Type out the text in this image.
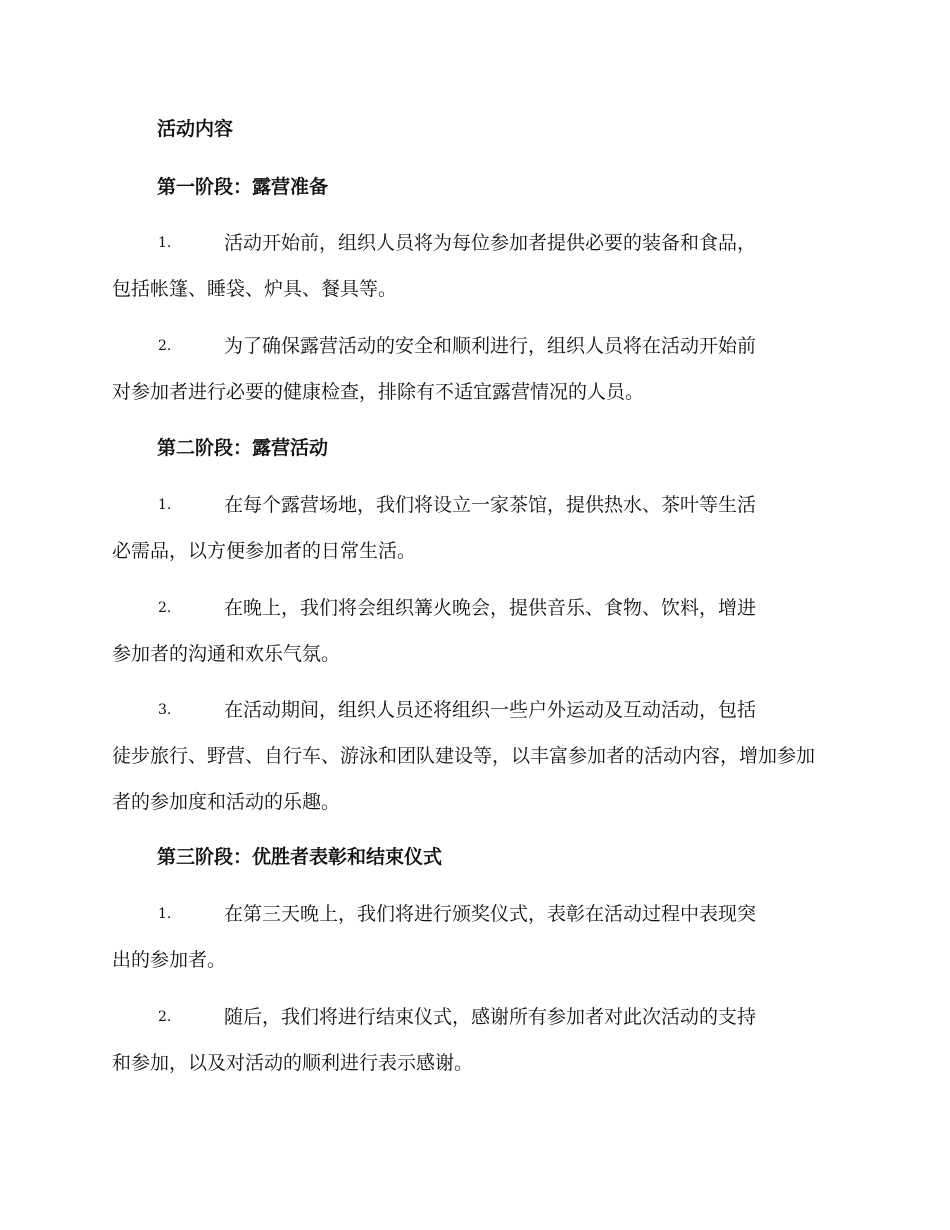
活动内容
第一阶段：露营准备
1.	活动开始前，组织人员将为每位参加者提供必要的装备和食品，
包括帐篷、睡袋、炉具、餐具等。
2.	为了确保露营活动的安全和顺利进行，组织人员将在活动开始前
对参加者进行必要的健康检查，排除有不适宜露营情况的人员。
第二阶段：露营活动
1.	在每个露营场地，我们将设立一家茶馆，提供热水、茶叶等生活
必需品，以方便参加者的日常生活。
2.	在晚上，我们将会组织篝火晚会，提供音乐、食物、饮料，增进
参加者的沟通和欢乐气氛。
3.	在活动期间，组织人员还将组织一些户外运动及互动活动，包括
徒步旅行、野营、自行车、游泳和团队建设等，以丰富参加者的活动内容，增加参加者的参加度和活动的乐趣。
第三阶段：优胜者表彰和结束仪式
1.	在第三天晚上，我们将进行颁奖仪式，表彰在活动过程中表现突
出的参加者。
2.	随后，我们将进行结束仪式，感谢所有参加者对此次活动的支持
和参加，以及对活动的顺利进行表示感谢。
